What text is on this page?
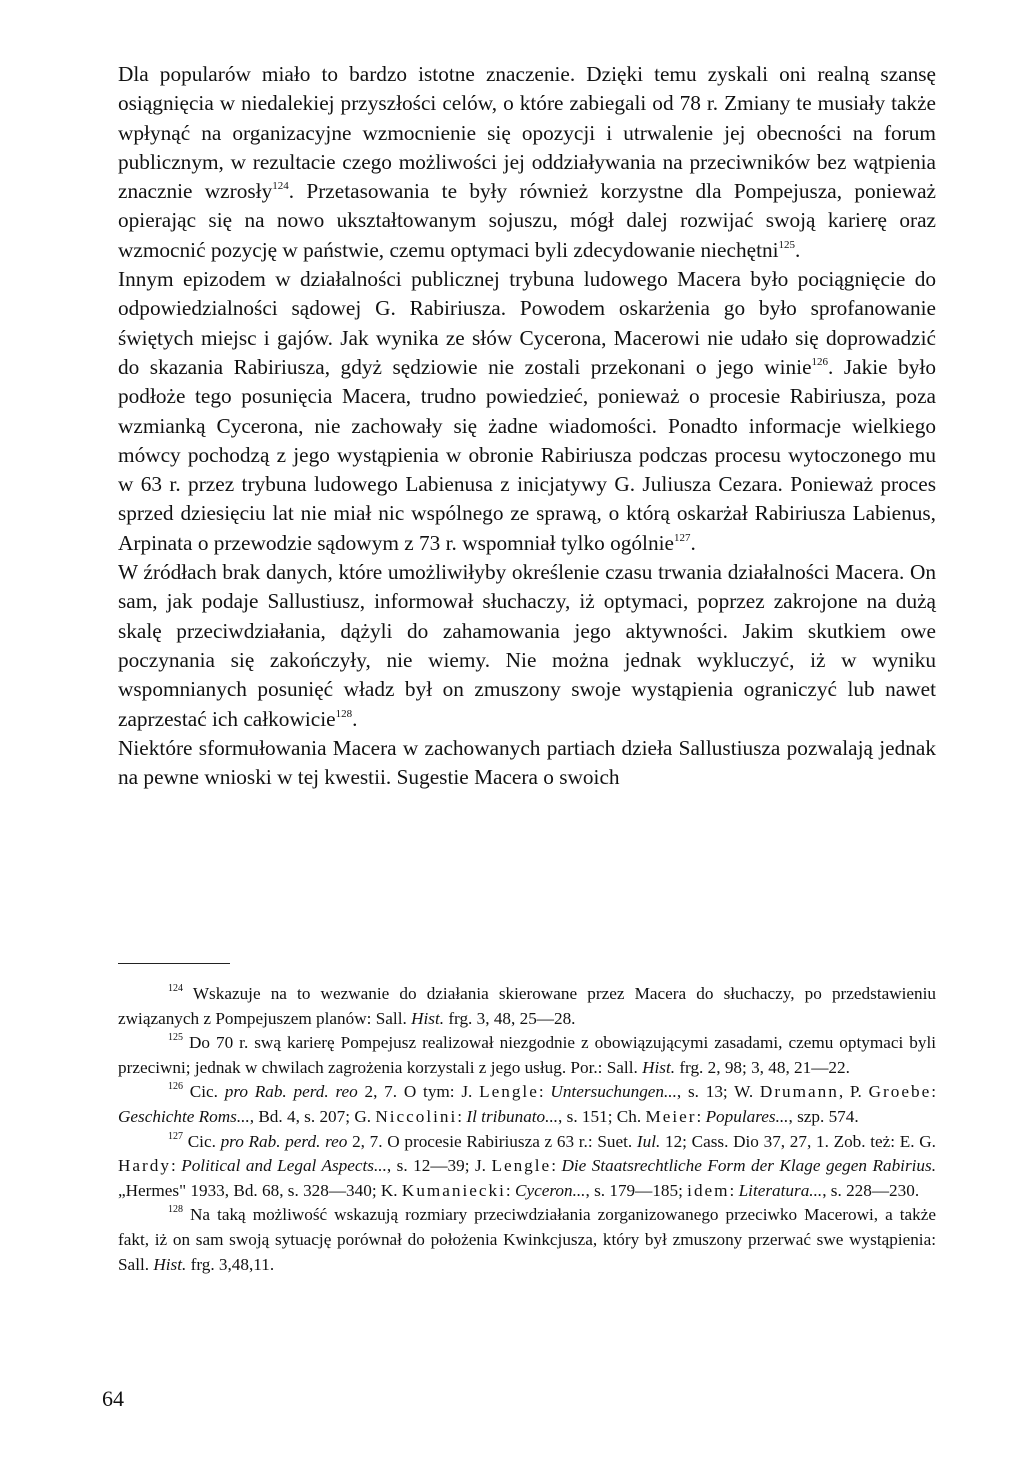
Dla popularów miało to bardzo istotne znaczenie. Dzięki temu zyskali oni realną szansę osiągnięcia w niedalekiej przyszłości celów, o które zabiegali od 78 r. Zmiany te musiały także wpłynąć na organizacyjne wzmocnienie się opozycji i utrwalenie jej obecności na forum publicznym, w rezultacie czego możliwości jej oddziaływania na przeciwników bez wątpienia znacznie wzrosły$^{124}$. Przetasowania te były również korzystne dla Pompejusza, ponieważ opierając się na nowo ukształtowanym sojuszu, mógł dalej rozwijać swoją karierę oraz wzmocnić pozycję w państwie, czemu optymaci byli zdecydowanie niechętni$^{125}$.

Innym epizodem w działalności publicznej trybuna ludowego Macera było pociągnięcie do odpowiedzialności sądowej G. Rabiriusza. Powodem oskarżenia go było sprofanowanie świętych miejsc i gajów. Jak wynika ze słów Cycerona, Macerowi nie udało się doprowadzić do skazania Rabiriusza, gdyż sędziowie nie zostali przekonani o jego winie$^{126}$. Jakie było podłoże tego posunięcia Macera, trudno powiedzieć, ponieważ o procesie Rabiriusza, poza wzmianką Cycerona, nie zachowały się żadne wiadomości. Ponadto informacje wielkiego mówcy pochodzą z jego wystąpienia w obronie Rabiriusza podczas procesu wytoczonego mu w 63 r. przez trybuna ludowego Labienusa z inicjatywy G. Juliusza Cezara. Ponieważ proces sprzed dziesięciu lat nie miał nic wspólnego ze sprawą, o którą oskarżał Rabiriusza Labienus, Arpinata o przewodzie sądowym z 73 r. wspomniał tylko ogólnie$^{127}$.

W źródłach brak danych, które umożliwiłyby określenie czasu trwania działalności Macera. On sam, jak podaje Sallustiusz, informował słuchaczy, iż optymaci, poprzez zakrojone na dużą skalę przeciwdziałania, dążyli do zahamowania jego aktywności. Jakim skutkiem owe poczynania się zakończyły, nie wiemy. Nie można jednak wykluczyć, iż w wyniku wspomnianych posunięć władz był on zmuszony swoje wystąpienia ograniczyć lub nawet zaprzestać ich całkowicie$^{128}$.

Niektóre sformułowania Macera w zachowanych partiach dzieła Sallustiusza pozwalają jednak na pewne wnioski w tej kwestii. Sugestie Macera o swoich

$^{124}$ Wskazuje na to wezwanie do działania skierowane przez Macera do słuchaczy, po przedstawieniu związanych z Pompejuszem planów: Sall. Hist. frg. 3, 48, 25—28.

$^{125}$ Do 70 r. swą karierę Pompejusz realizował niezgodnie z obowiązującymi zasadami, czemu optymaci byli przeciwni; jednak w chwilach zagrożenia korzystali z jego usług. Por.: Sall. Hist. frg. 2, 98; 3, 48, 21—22.

$^{126}$ Cic. pro Rab. perd. reo 2, 7. O tym: J. Lengle: Untersuchungen..., s. 13; W. Drumann, P. Groebe: Geschichte Roms..., Bd. 4, s. 207; G. Niccolini: Il tribunato..., s. 151; Ch. Meier: Populares..., szp. 574.

$^{127}$ Cic. pro Rab. perd. reo 2, 7. O procesie Rabiriusza z 63 r.: Suet. Iul. 12; Cass. Dio 37, 27, 1. Zob. też: E. G. Hardy: Political and Legal Aspects..., s. 12—39; J. Lengle: Die Staatsrechtliche Form der Klage gegen Rabirius. „Hermes" 1933, Bd. 68, s. 328—340; K. Kumaniecki: Cyceron..., s. 179—185; idem: Literatura..., s. 228—230.

$^{128}$ Na taką możliwość wskazują rozmiary przeciwdziałania zorganizowanego przeciwko Macerowi, a także fakt, iż on sam swoją sytuację porównał do położenia Kwinkcjusza, który był zmuszony przerwać swe wystąpienia: Sall. Hist. frg. 3,48,11.

64
